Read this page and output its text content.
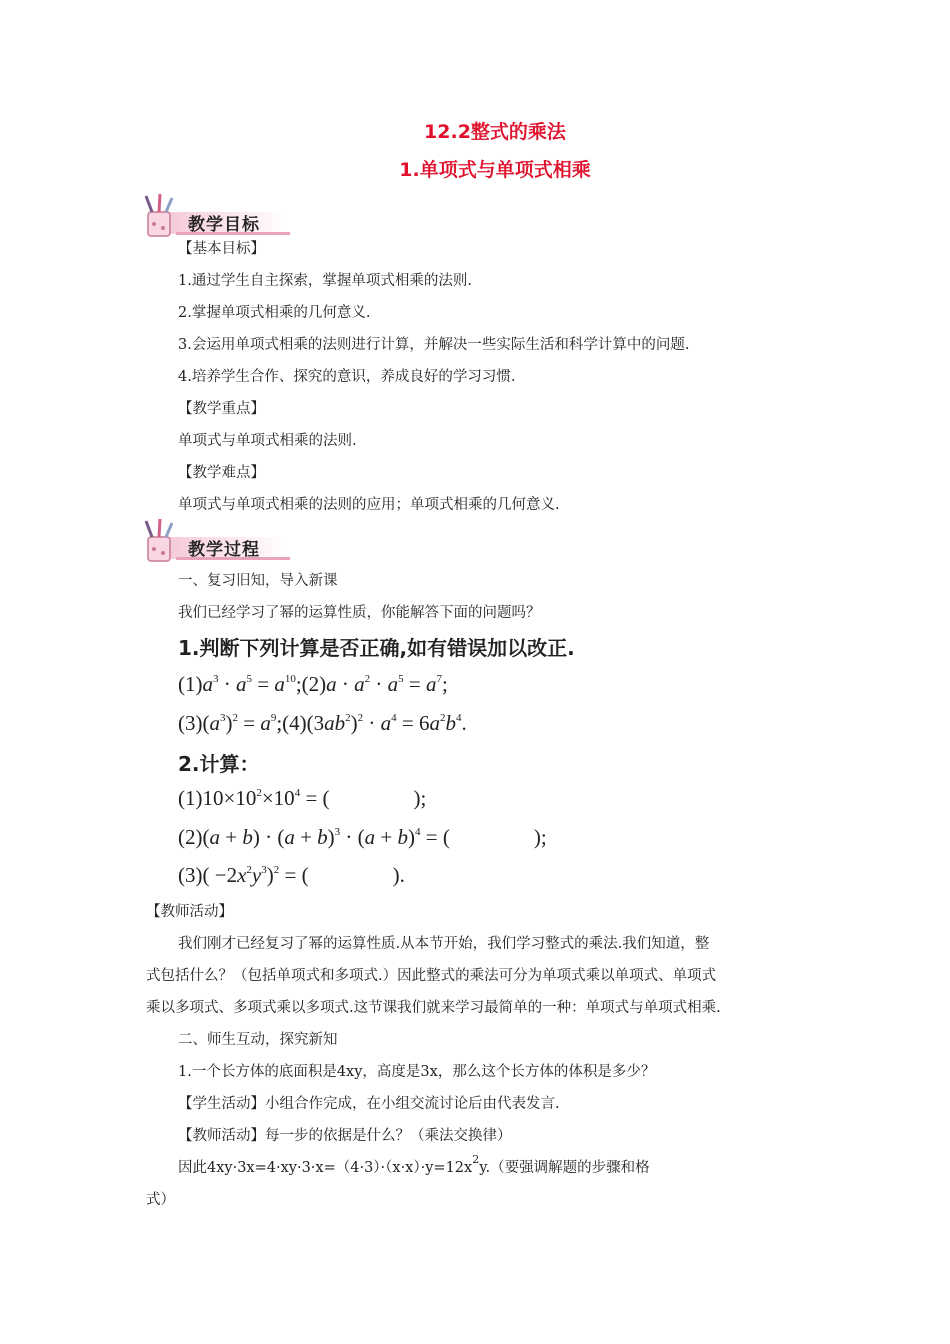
12.2整式的乘法
1.单项式与单项式相乘
教学目标
【基本目标】
1.通过学生自主探索，掌握单项式相乘的法则.
2.掌握单项式相乘的几何意义.
3.会运用单项式相乘的法则进行计算，并解决一些实际生活和科学计算中的问题.
4.培养学生合作、探究的意识，养成良好的学习习惯.
【教学重点】
单项式与单项式相乘的法则.
【教学难点】
单项式与单项式相乘的法则的应用；单项式相乘的几何意义.
教学过程
一、复习旧知，导入新课
我们已经学习了幂的运算性质，你能解答下面的问题吗？
1.判断下列计算是否正确,如有错误加以改正.
$(1)a^3 \cdot a^5$ = $a^{10};(2)a \cdot a^2 \cdot a^5 = a^7$;
$(3)(a^3)^2$ = $a^9;(4)(3ab^2)^2 \cdot a^4 = 6a^2b^4$.
2.计算：
$(1)10\times 10^2\times 10^4$ = (        );
$(2)(a + b) \cdot (a + b)^3 \cdot (a + b)^4$ = (        );
$(3)( -2x^2y^3)^2$ = (        ).
【教师活动】
我们刚才已经复习了幂的运算性质.从本节开始，我们学习整式的乘法.我们知道，整
式包括什么？（包括单项式和多项式.）因此整式的乘法可分为单项式乘以单项式、单项式
乘以多项式、多项式乘以多项式.这节课我们就来学习最简单的一种：单项式与单项式相乘.
二、师生互动，探究新知
1.一个长方体的底面积是4xy，高度是3x，那么这个长方体的体积是多少？
【学生活动】小组合作完成，在小组交流讨论后由代表发言.
【教师活动】每一步的依据是什么？（乘法交换律）
因此$4xy\cdot 3x=4\cdot xy\cdot 3\cdot x=(4\cdot 3)\cdot(x\cdot x)\cdot y=12x^2y$.（要强调解题的步骤和格
式）
